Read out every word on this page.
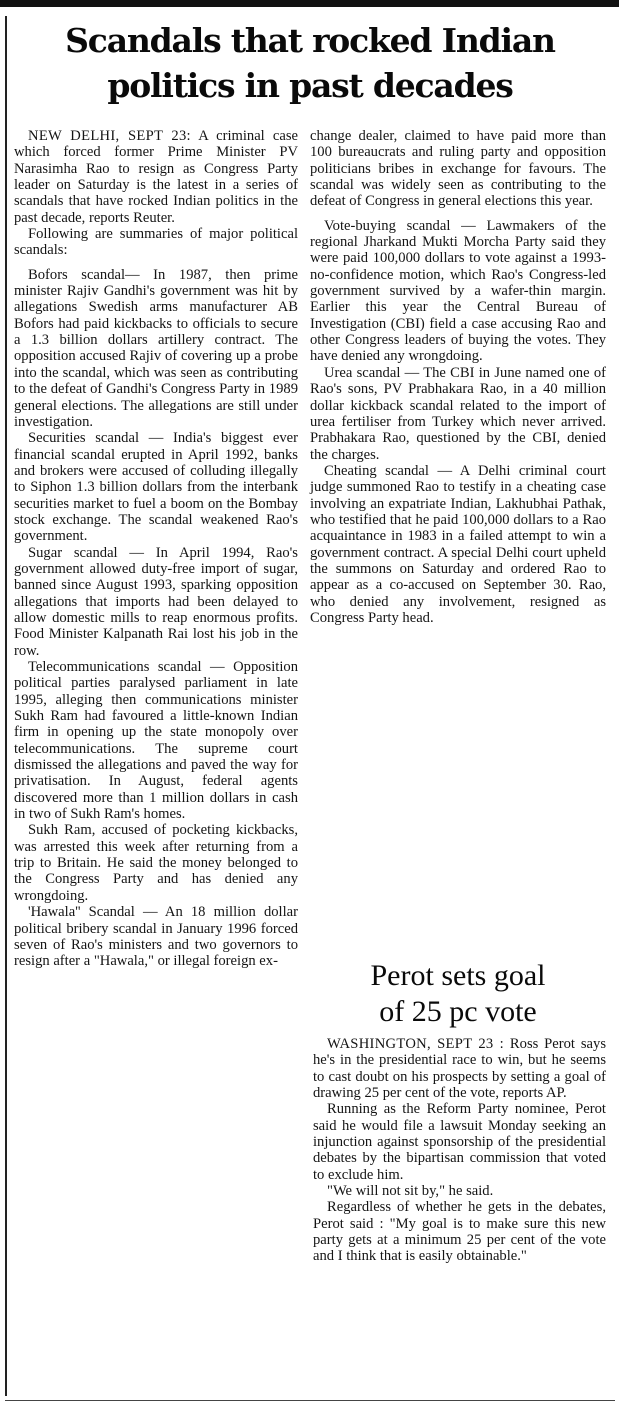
Scandals that rocked Indian
politics in past decades

NEW DELHI, SEPT 23: A criminal case which forced former Prime Minister PV Narasimha Rao to resign as Congress Party leader on Saturday is the latest in a series of scandals that have rocked Indian politics in the past decade, reports Reuter.

Following are summaries of major political scandals:

Bofors scandal— In 1987, then prime minister Rajiv Gandhi's government was hit by allegations Swedish arms manufacturer AB Bofors had paid kickbacks to officials to secure a 1.3 billion dollars artillery contract. The opposition accused Rajiv of covering up a probe into the scandal, which was seen as contributing to the defeat of Gandhi's Congress Party in 1989 general elections. The allegations are still under investigation.

Securities scandal — India's biggest ever financial scandal erupted in April 1992, banks and brokers were accused of colluding illegally to Siphon 1.3 billion dollars from the interbank securities market to fuel a boom on the Bombay stock exchange. The scandal weakened Rao's government.

Sugar scandal — In April 1994, Rao's government allowed duty-free import of sugar, banned since August 1993, sparking opposition allegations that imports had been delayed to allow domestic mills to reap enormous profits. Food Minister Kalpanath Rai lost his job in the row.

Telecommunications scandal — Opposition political parties paralysed parliament in late 1995, alleging then communications minister Sukh Ram had favoured a little-known Indian firm in opening up the state monopoly over telecommunications. The supreme court dismissed the allegations and paved the way for privatisation. In August, federal agents discovered more than 1 million dollars in cash in two of Sukh Ram's homes.

Sukh Ram, accused of pocketing kickbacks, was arrested this week after returning from a trip to Britain. He said the money belonged to the Congress Party and has denied any wrongdoing.

'Hawala'' Scandal — An 18 million dollar political bribery scandal in January 1996 forced seven of Rao's ministers and two governors to resign after a "Hawala," or illegal foreign ex-

change dealer, claimed to have paid more than 100 bureaucrats and ruling party and opposition politicians bribes in exchange for favours. The scandal was widely seen as contributing to the defeat of Congress in general elections this year.

Vote-buying scandal — Lawmakers of the regional Jharkand Mukti Morcha Party said they were paid 100,000 dollars to vote against a 1993-no-confidence motion, which Rao's Congress-led government survived by a wafer-thin margin. Earlier this year the Central Bureau of Investigation (CBI) field a case accusing Rao and other Congress leaders of buying the votes. They have denied any wrongdoing.

Urea scandal — The CBI in June named one of Rao's sons, PV Prabhakara Rao, in a 40 million dollar kickback scandal related to the import of urea fertiliser from Turkey which never arrived. Prabhakara Rao, questioned by the CBI, denied the charges.

Cheating scandal — A Delhi criminal court judge summoned Rao to testify in a cheating case involving an expatriate Indian, Lakhubhai Pathak, who testified that he paid 100,000 dollars to a Rao acquaintance in 1983 in a failed attempt to win a government contract. A special Delhi court upheld the summons on Saturday and ordered Rao to appear as a co-accused on September 30. Rao, who denied any involvement, resigned as Congress Party head.

Perot sets goal
of 25 pc vote

WASHINGTON, SEPT 23 : Ross Perot says he's in the presidential race to win, but he seems to cast doubt on his prospects by setting a goal of drawing 25 per cent of the vote, reports AP.

Running as the Reform Party nominee, Perot said he would file a lawsuit Monday seeking an injunction against sponsorship of the presidential debates by the bipartisan commission that voted to exclude him.

"We will not sit by," he said.

Regardless of whether he gets in the debates, Perot said : "My goal is to make sure this new party gets at a minimum 25 per cent of the vote and I think that is easily obtainable."
